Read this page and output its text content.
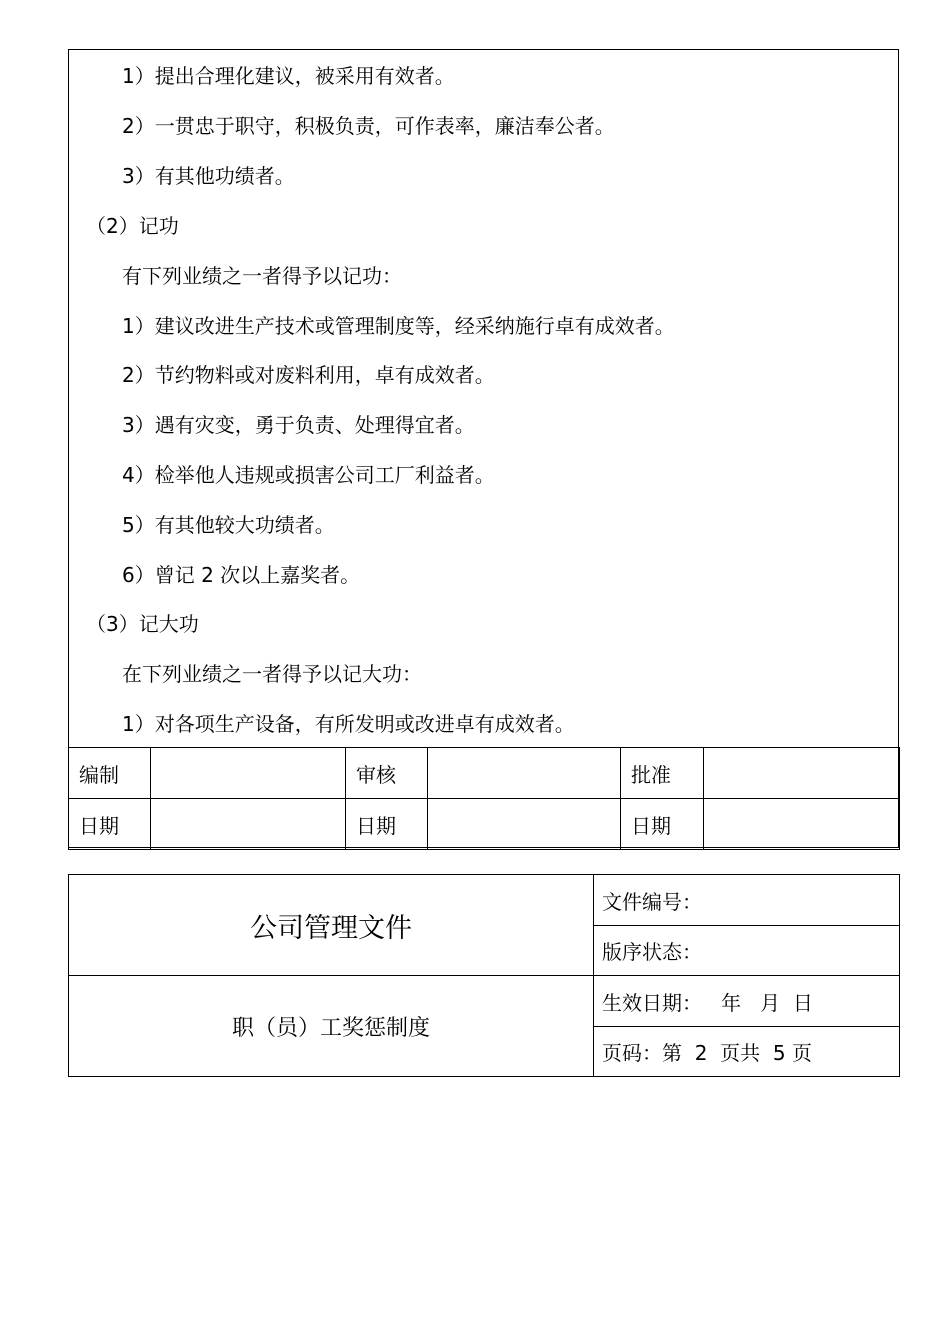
1）提出合理化建议，被采用有效者。
2）一贯忠于职守，积极负责，可作表率，廉洁奉公者。
3）有其他功绩者。
（2）记功
有下列业绩之一者得予以记功：
1）建议改进生产技术或管理制度等，经采纳施行卓有成效者。
2）节约物料或对废料利用，卓有成效者。
3）遇有灾变，勇于负责、处理得宜者。
4）检举他人违规或损害公司工厂利益者。
5）有其他较大功绩者。
6）曾记 2 次以上嘉奖者。
（3）记大功
在下列业绩之一者得予以记大功：
1）对各项生产设备，有所发明或改进卓有成效者。
编制		审核		批准	
日期		日期		日期	
公司管理文件	文件编号：
	版序状态：
职（员）工奖惩制度	生效日期：   年   月  日
	页码：第  2  页共  5 页
